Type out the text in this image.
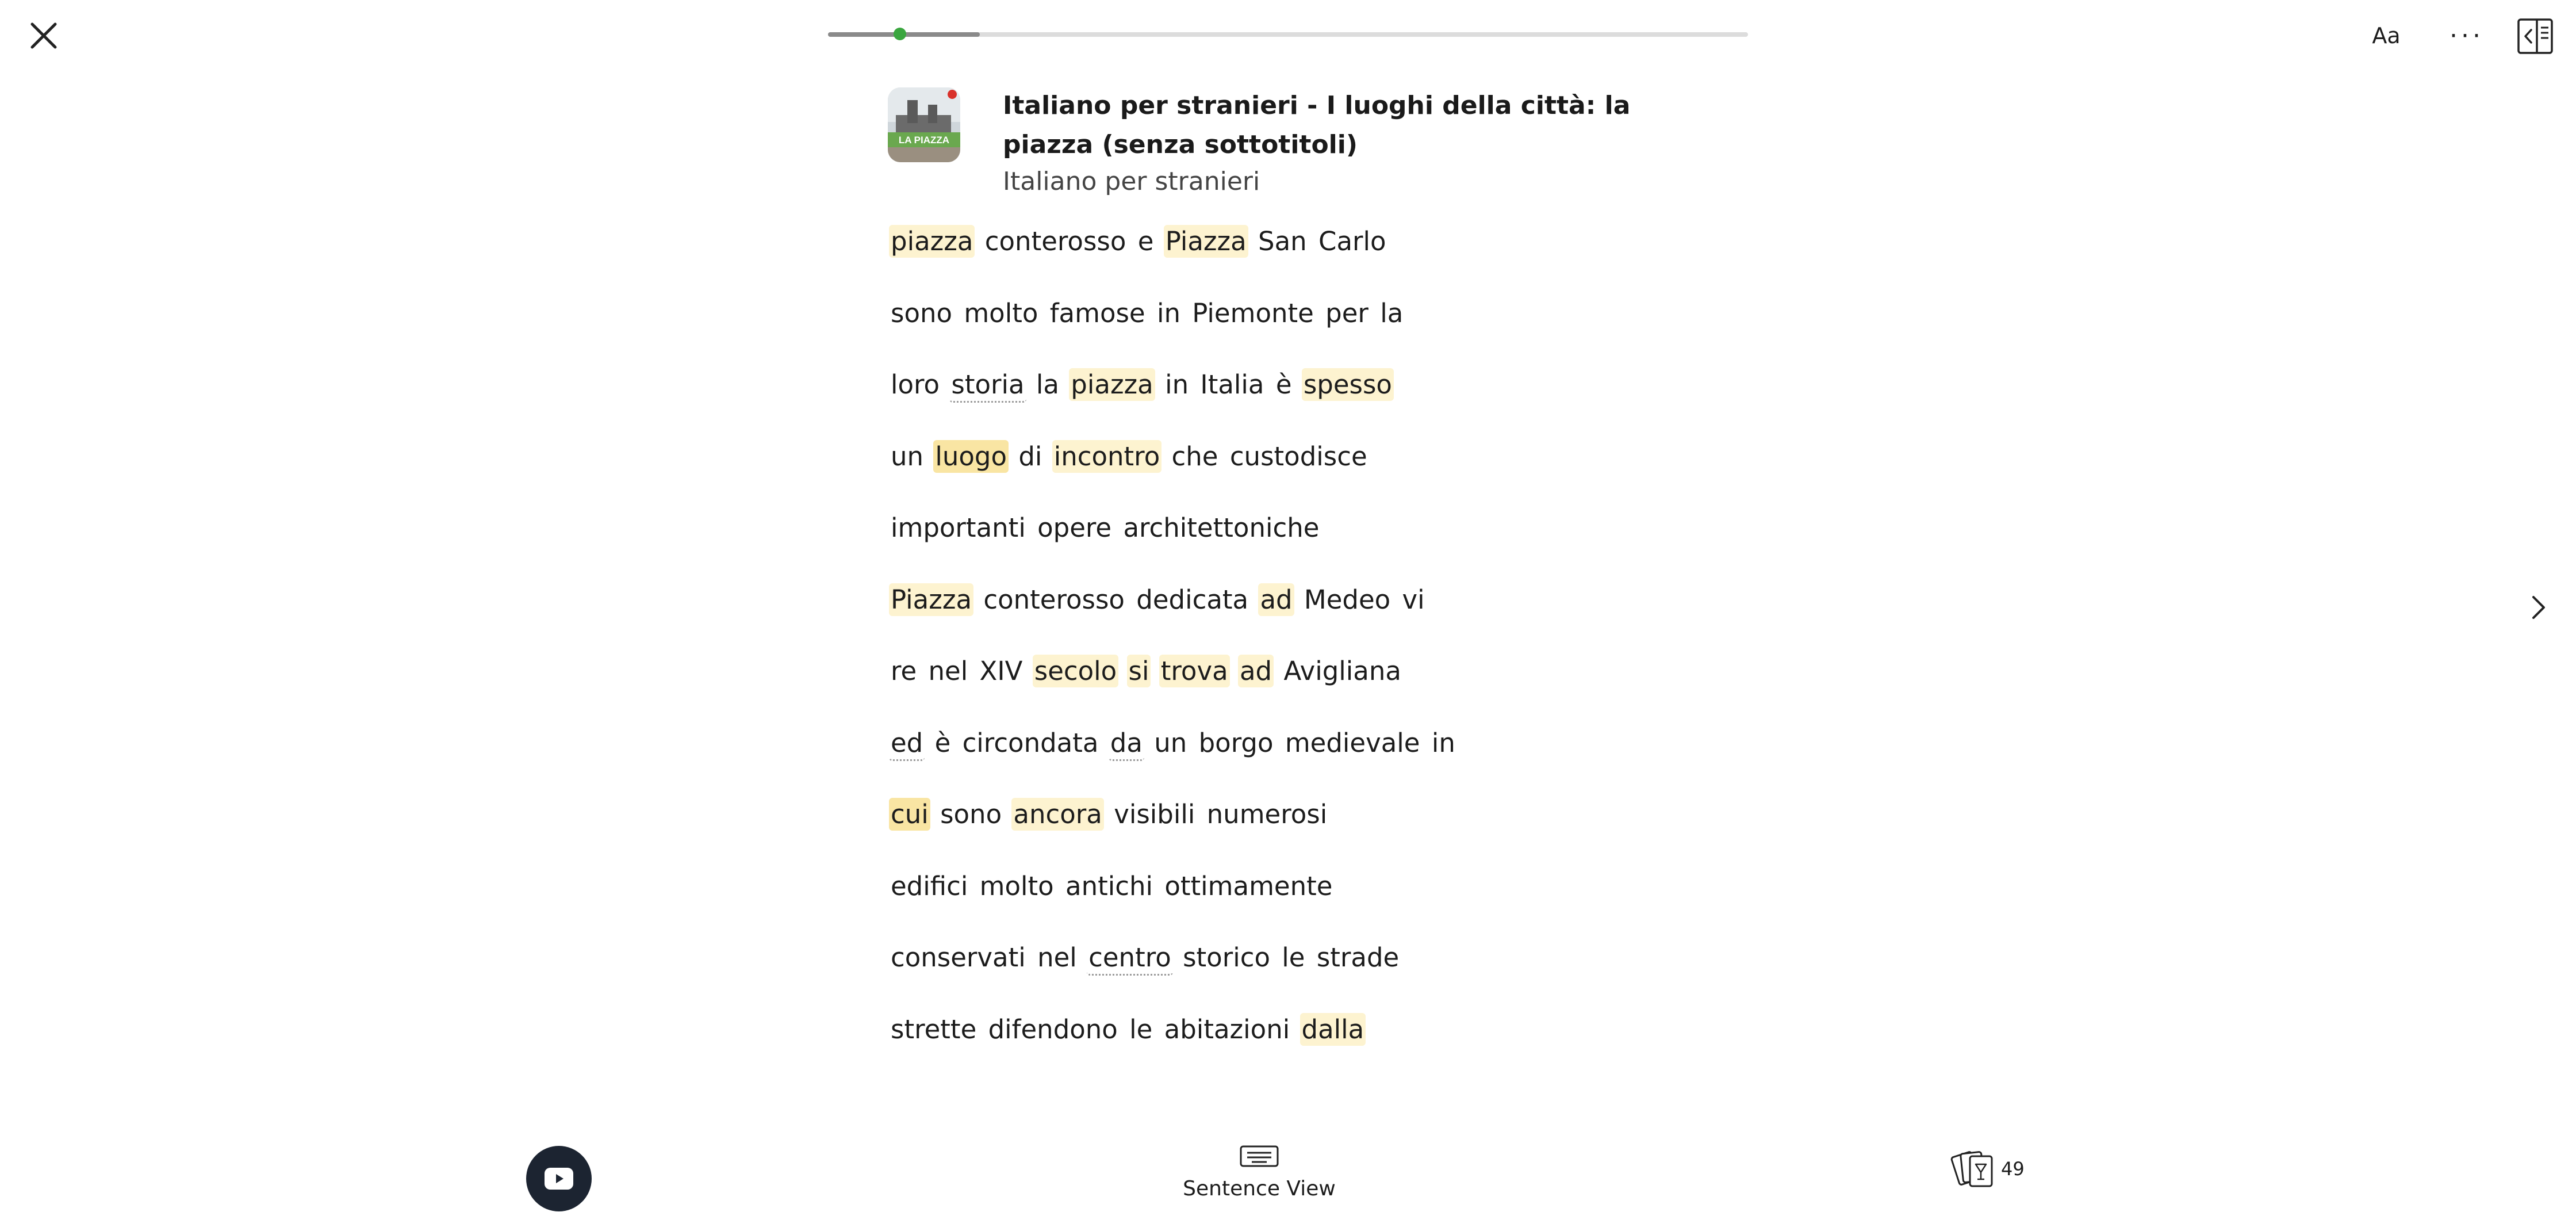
Aa	···
LA PIAZZA
Italiano per stranieri - I luoghi della città: la piazza (senza sottotitoli)
Italiano per stranieri
piazza conterosso e Piazza San Carlo
sono molto famose in Piemonte per la
loro storia la piazza in Italia è spesso
un luogo di incontro che custodisce
importanti opere architettoniche
Piazza conterosso dedicata ad Medeo vi
re nel XIV secolo si trova ad Avigliana
ed è circondata da un borgo medievale in
cui sono ancora visibili numerosi
edifici molto antichi ottimamente
conservati nel centro storico le strade
strette difendono le abitazioni dalla
Sentence View
49
